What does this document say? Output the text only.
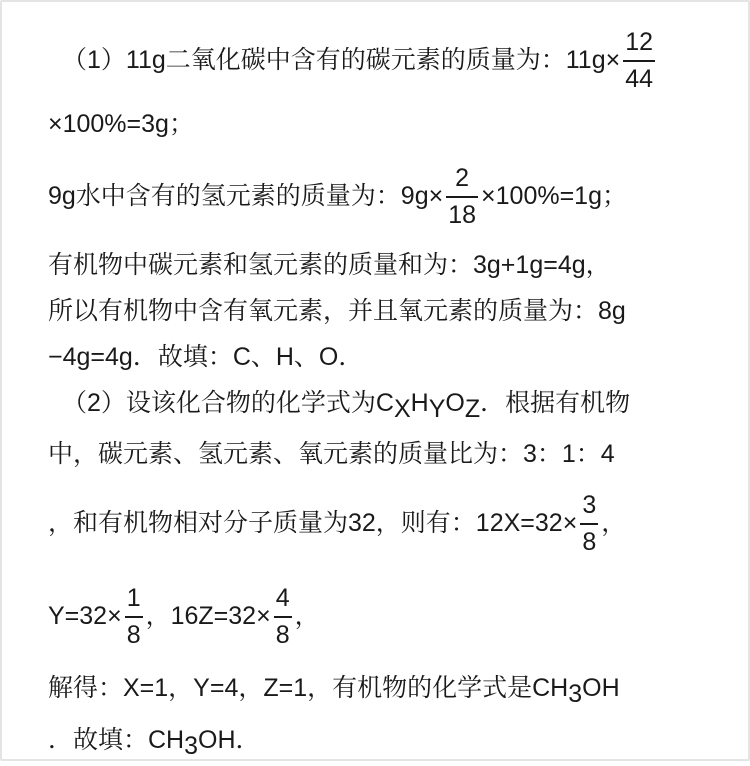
（1）11g二氧化碳中含有的碳元素的质量为：$11g\times \frac{12}{44}$
×100%=3g；
9g水中含有的氢元素的质量为：$9g\times \frac{2}{18} \times 100\%=1g$；
有机物中碳元素和氢元素的质量和为：3g+1g=4g，
所以有机物中含有氧元素，并且氧元素的质量为：8g
−4g=4g．故填：C、H、O．
（2）设该化合物的化学式为C X H Y O Z ．根据有机物
中，碳元素、氢元素、氧元素的质量比为：3：1：4
，和有机物相对分子质量为32，则有：$12X=32\times \frac{3}{8}$ ，
$Y=32\times \frac{1}{8}$ ，$16Z=32\times \frac{4}{8}$ ，
解得：X=1，Y=4，Z=1，有机物的化学式是CH 3 OH
．故填：CH 3 OH．
